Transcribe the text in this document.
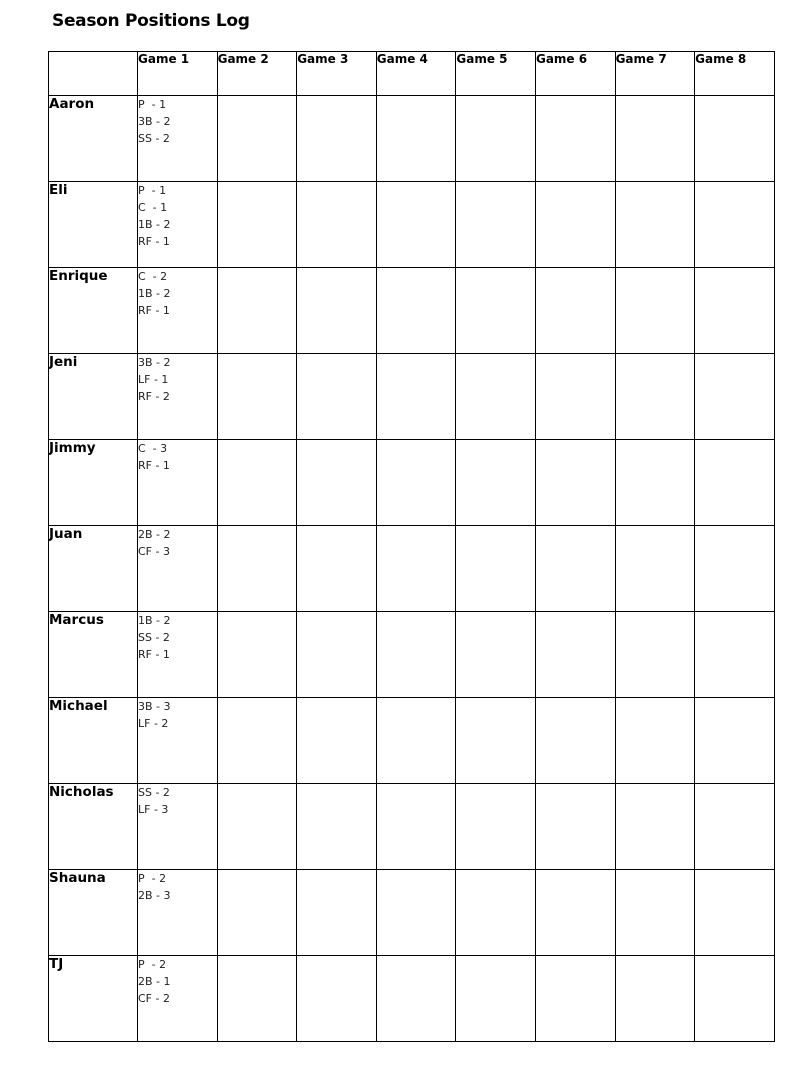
Season Positions Log
	Game 1	Game 2	Game 3	Game 4	Game 5	Game 6	Game 7	Game 8
Aaron	P  - 1
3B - 2
SS - 2							

Eli	P  - 1
C  - 1
1B - 2
RF - 1							

Enrique	C  - 2
1B - 2
RF - 1							

Jeni	3B - 2
LF - 1
RF - 2							

Jimmy	C  - 3
RF - 1							

Juan	2B - 2
CF - 3							

Marcus	1B - 2
SS - 2
RF - 1							

Michael	3B - 3
LF - 2							

Nicholas	SS - 2
LF - 3							

Shauna	P  - 2
2B - 3							

TJ	P  - 2
2B - 1
CF - 2							
